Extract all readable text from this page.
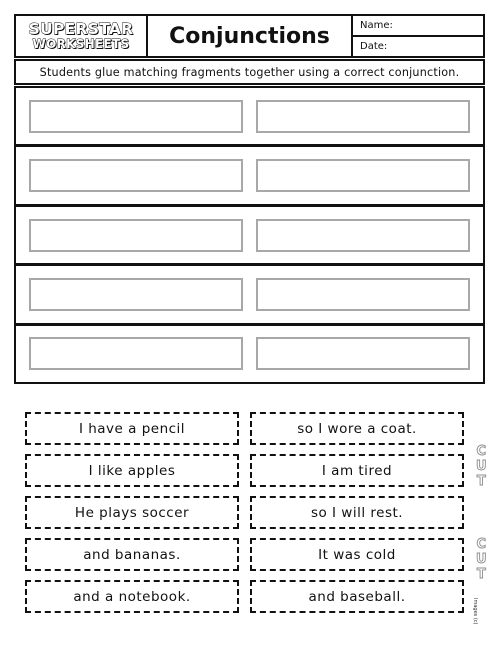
SUPERSTAR
WORKSHEETS	Conjunctions	Name:
Date:
Students glue matching fragments together using a correct conjunction.
I have a pencil
I like apples
He plays soccer
and bananas.
and a notebook.
so I wore a coat.
I am tired
so I will rest.
It was cold
and baseball.
CUT
CUT
Images (c)
